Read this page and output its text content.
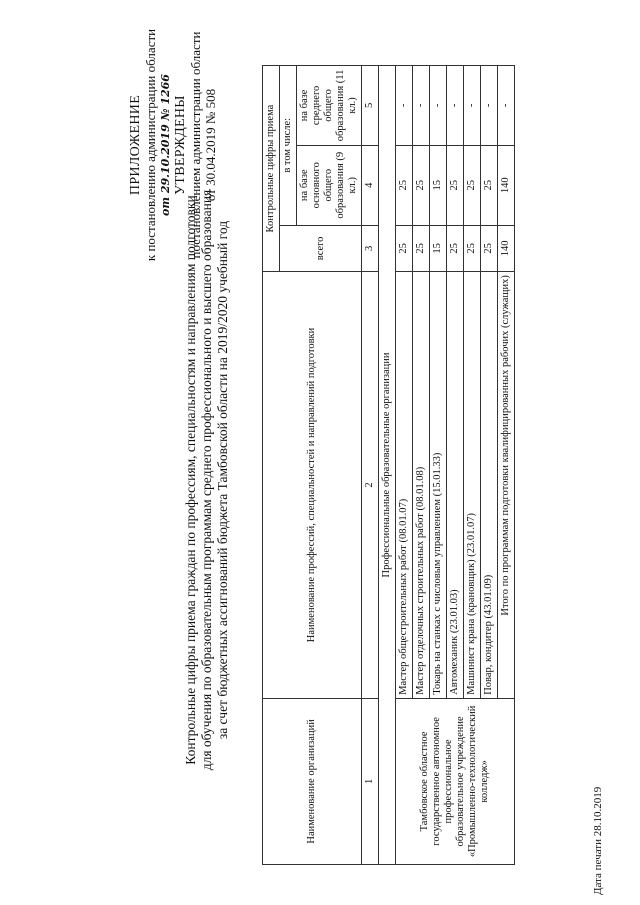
ПРИЛОЖЕНИЕ к постановлению администрации области от 29.10.2019 № 1266 УТВЕРЖДЕНЫ постановлением администрации области от 30.04.2019 № 508
Контрольные цифры приема граждан по профессиям, специальностям и направлениям подготовки для обучения по образовательным программам среднего профессионального и высшего образования за счет бюджетных ассигнований бюджета Тамбовской области на 2019/2020 учебный год
Наименование организаций	Наименование профессий, специальностей и направлений подготовки	Контрольные цифры приема		
		всего	в том числе:	
			на базе основного общего образования (9 кл.)	на базе среднего общего образования (11 кл.)
1	2	3	4	5
Профессиональные образовательные организации				
Тамбовское областное государственное автономное профессиональное образовательное учреждение «Промышленно-технологический колледж»	Мастер общестроительных работ (08.01.07)	25	25	-
	Мастер отделочных строительных работ (08.01.08)	25	25	-
	Токарь на станках с числовым управлением (15.01.33)	15	15	-
	Автомеханик (23.01.03)	25	25	-
	Машинист крана (крановщик) (23.01.07)	25	25	-
	Повар, кондитер (43.01.09)	25	25	-
	Итого по программам подготовки квалифицированных рабочих (служащих)	140	140	-
Дата печати 28.10.2019
